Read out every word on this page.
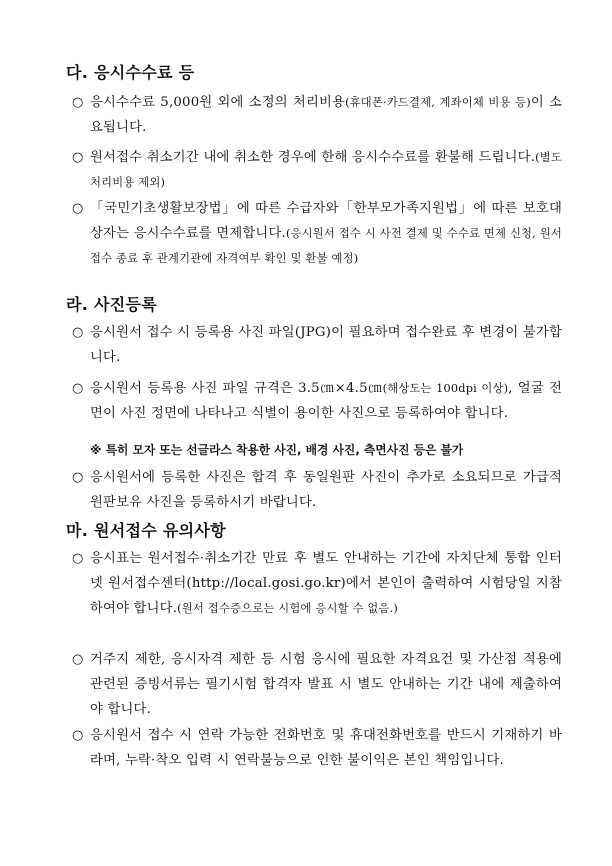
다. 응시수수료 등
○ 응시수수료 5,000원 외에 소정의 처리비용(휴대폰·카드결제, 계좌이체 비용 등)이 소요됩니다.
○ 원서접수 취소기간 내에 취소한 경우에 한해 응시수수료를 환불해 드립니다.(별도 처리비용 제외)
○ 「국민기초생활보장법」에 따른 수급자와「한부모가족지원법」에 따른 보호대상자는 응시수수료를 면제합니다.(응시원서 접수 시 사전 결제 및 수수료 면제 신청, 원서접수 종료 후 관계기관에 자격여부 확인 및 환불 예정)
라. 사진등록
○ 응시원서 접수 시 등록용 사진 파일(JPG)이 필요하며 접수완료 후 변경이 불가합니다.
○ 응시원서 등록용 사진 파일 규격은 3.5㎝×4.5㎝(해상도는 100dpi 이상), 얼굴 전면이 사진 정면에 나타나고 식별이 용이한 사진으로 등록하여야 합니다.
※ 특히 모자 또는 선글라스 착용한 사진, 배경 사진, 측면사진 등은 불가
○ 응시원서에 등록한 사진은 합격 후 동일원판 사진이 추가로 소요되므로 가급적 원판보유 사진을 등록하시기 바랍니다.
마. 원서접수 유의사항
○ 응시표는 원서접수·취소기간 만료 후 별도 안내하는 기간에 자치단체 통합 인터넷 원서접수센터(http://local.gosi.go.kr)에서 본인이 출력하여 시험당일 지참하여야 합니다.(원서 접수증으로는 시험에 응시할 수 없음.)
○ 거주지 제한, 응시자격 제한 등 시험 응시에 필요한 자격요건 및 가산점 적용에 관련된 증빙서류는 필기시험 합격자 발표 시 별도 안내하는 기간 내에 제출하여야 합니다.
○ 응시원서 접수 시 연락 가능한 전화번호 및 휴대전화번호를 반드시 기재하기 바라며, 누락·착오 입력 시 연락불능으로 인한 불이익은 본인 책임입니다.
